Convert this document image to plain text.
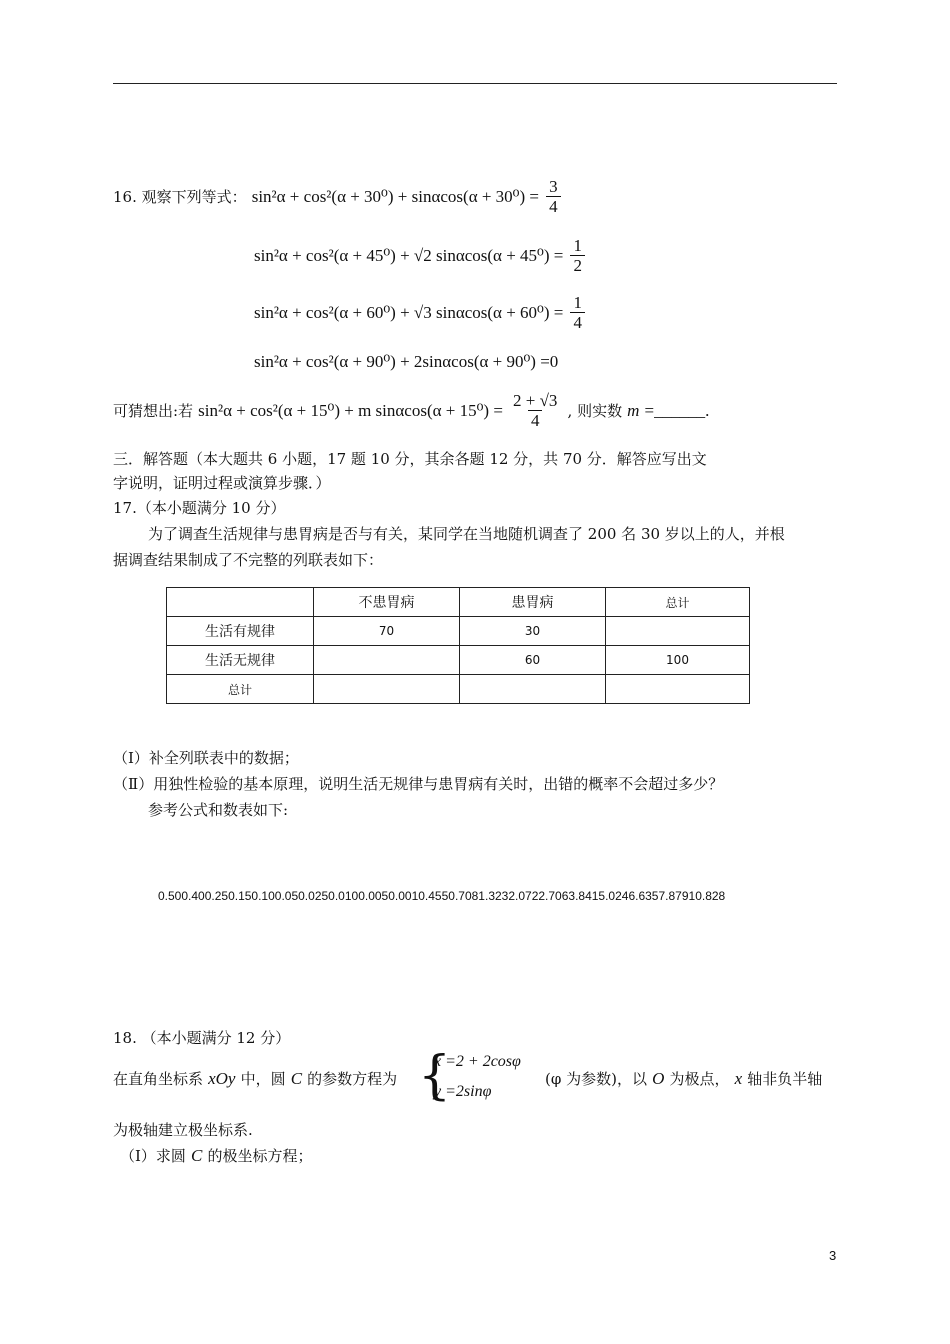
16. 观察下列等式： $\sin^2\alpha + \cos^2(\alpha + 30^0) + \sin\alpha\cos(\alpha + 30^0) = \frac{3}{4}$
sin²α + cos²(α + 45⁰) + √2 $\sin\alpha\cos(\alpha + 45^0) = \frac{1}{2}$
sin²α + cos²(α + 60⁰) + √3 $\sin\alpha\cos(\alpha + 60^0) = \frac{1}{4}$
sin²α + cos²(α + 90⁰) + 2sinαcos(α + 90⁰) =0
可猜想出:若 sin²α + cos²(α + 15⁰) + m $\sin\alpha\cos(\alpha + 15^0) = \frac{2 + √3}{4}$ , 则实数 m =______.
三．解答题（本大题共 6 小题，17 题 10 分，其余各题 12 分，共 70 分．解答应写出文
字说明，证明过程或演算步骤．）
17.（本小题满分 10 分）
为了调查生活规律与患胃病是否与有关，某同学在当地随机调查了 200 名 30 岁以上的人，并根
据调查结果制成了不完整的列联表如下：
	不患胃病	患胃病	总计
生活有规律	70	30	
生活无规律		60	100
总计			
（Ⅰ）补全列联表中的数据；
（Ⅱ）用独性检验的基本原理，说明生活无规律与患胃病有关时，出错的概率不会超过多少？
参考公式和数表如下:
0.500.400.250.150.100.050.0250.0100.0050.0010.4550.7081.3232.0722.7063.8415.0246.6357.87910.828
18. （本小题满分 12 分）
在直角坐标系 xOy 中，圆 C 的参数方程为 {
x =2 + 2cosφ
y =2sinφ
(φ 为参数)，以 O 为极点， x 轴非负半轴
为极轴建立极坐标系.
（Ⅰ）求圆 C 的极坐标方程；
3
